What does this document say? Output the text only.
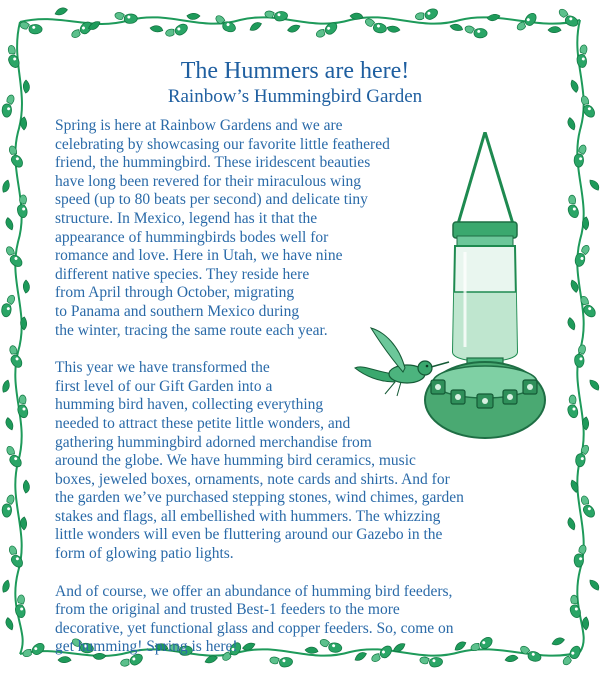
The Hummers are here!
Rainbow’s Hummingbird Garden

Spring is here at Rainbow Gardens and we are
celebrating by showcasing our favorite little feathered
friend, the hummingbird. These iridescent beauties
have long been revered for their miraculous wing
speed (up to 80 beats per second) and delicate tiny
structure. In Mexico, legend has it that the
appearance of hummingbirds bodes well for
romance and love. Here in Utah, we have nine
different native species. They reside here
from April through October, migrating
to Panama and southern Mexico during
the winter, tracing the same route each year.

This year we have transformed the
first level of our Gift Garden into a
humming bird haven, collecting everything
needed to attract these petite little wonders, and
gathering hummingbird adorned merchandise from
around the globe. We have humming bird ceramics, music
boxes, jeweled boxes, ornaments, note cards and shirts. And for
the garden we’ve purchased stepping stones, wind chimes, garden
stakes and flags, all embellished with hummers. The whizzing
little wonders will even be fluttering around our Gazebo in the
form of glowing patio lights.

And of course, we offer an abundance of humming bird feeders,
from the original and trusted Best-1 feeders to the more
decorative, yet functional glass and copper feeders. So, come on
get humming! Spring is here!
